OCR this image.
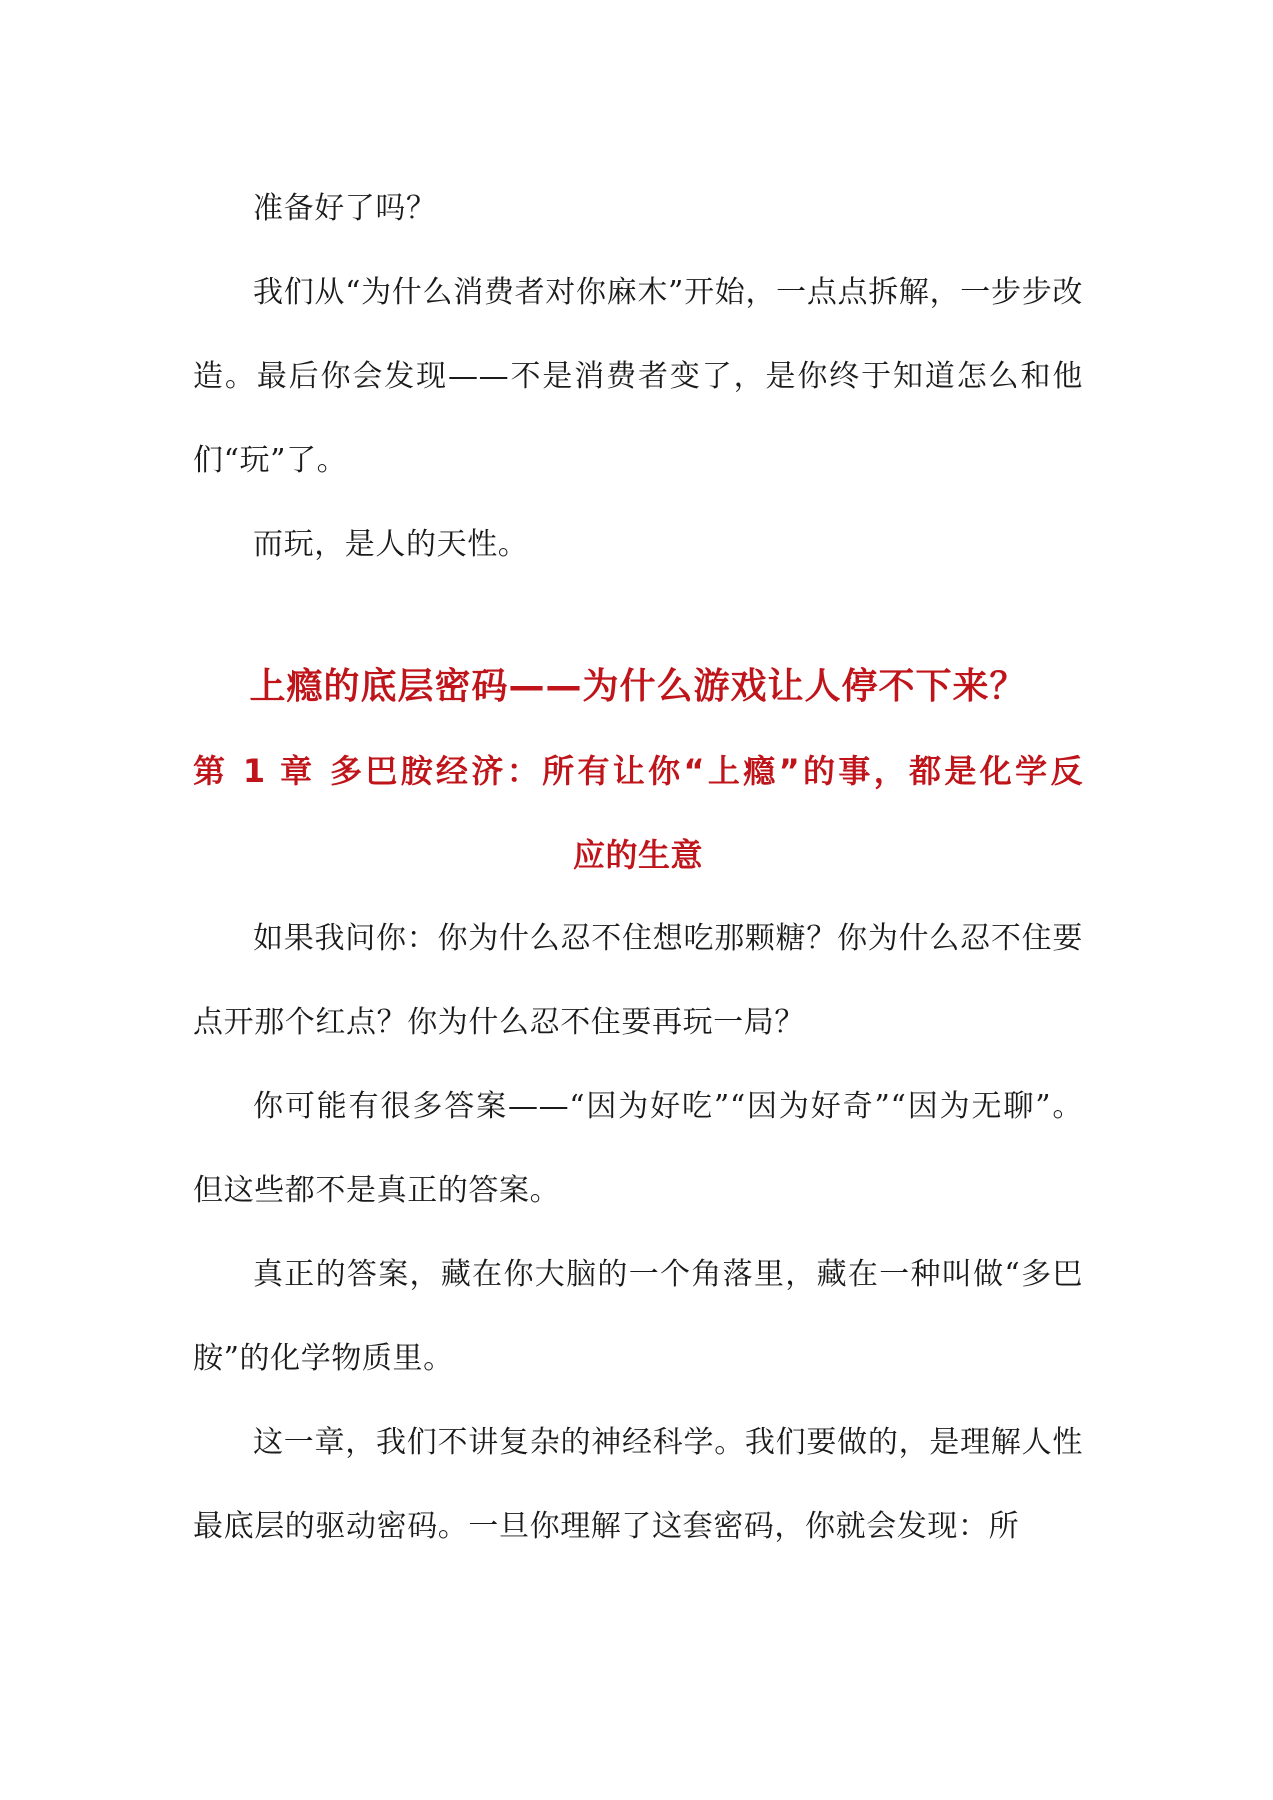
准备好了吗？

我们从“为什么消费者对你麻木”开始，一点点拆解，一步步改造。最后你会发现——不是消费者变了，是你终于知道怎么和他们“玩”了。

而玩，是人的天性。

上瘾的底层密码——为什么游戏让人停不下来？
第 1 章 多巴胺经济：所有让你“上瘾”的事，都是化学反
应的生意

如果我问你：你为什么忍不住想吃那颗糖？你为什么忍不住要点开那个红点？你为什么忍不住要再玩一局？

你可能有很多答案——“因为好吃”“因为好奇”“因为无聊”。但这些都不是真正的答案。

真正的答案，藏在你大脑的一个角落里，藏在一种叫做“多巴胺”的化学物质里。

这一章，我们不讲复杂的神经科学。我们要做的，是理解人性最底层的驱动密码。一旦你理解了这套密码，你就会发现：所
